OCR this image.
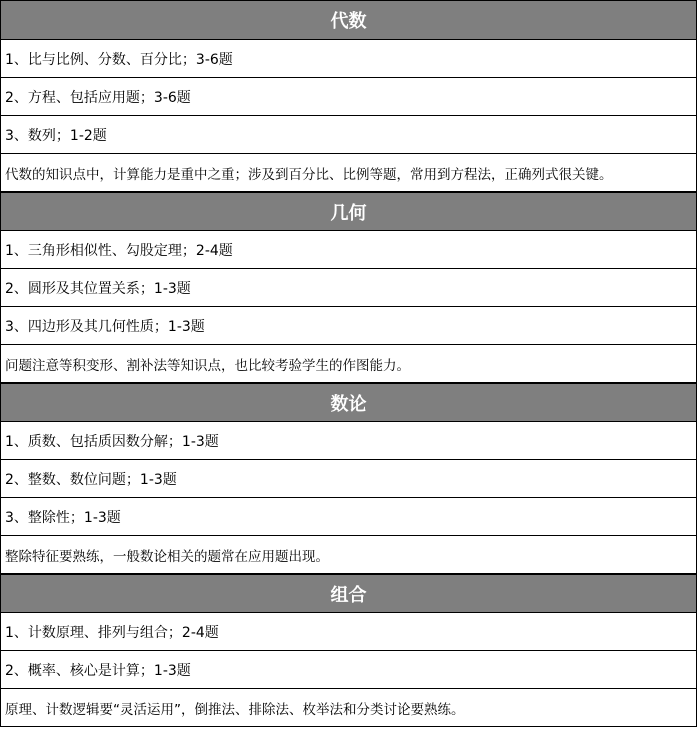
代数
1、比与比例、分数、百分比；3-6题
2、方程、包括应用题；3-6题
3、数列；1-2题
代数的知识点中，计算能力是重中之重；涉及到百分比、比例等题，常用到方程法，正确列式很关键。
几何
1、三角形相似性、勾股定理；2-4题
2、圆形及其位置关系；1-3题
3、四边形及其几何性质；1-3题
问题注意等积变形、割补法等知识点，也比较考验学生的作图能力。
数论
1、质数、包括质因数分解；1-3题
2、整数、数位问题；1-3题
3、整除性；1-3题
整除特征要熟练，一般数论相关的题常在应用题出现。
组合
1、计数原理、排列与组合；2-4题
2、概率、核心是计算；1-3题
原理、计数逻辑要“灵活运用”，倒推法、排除法、枚举法和分类讨论要熟练。
